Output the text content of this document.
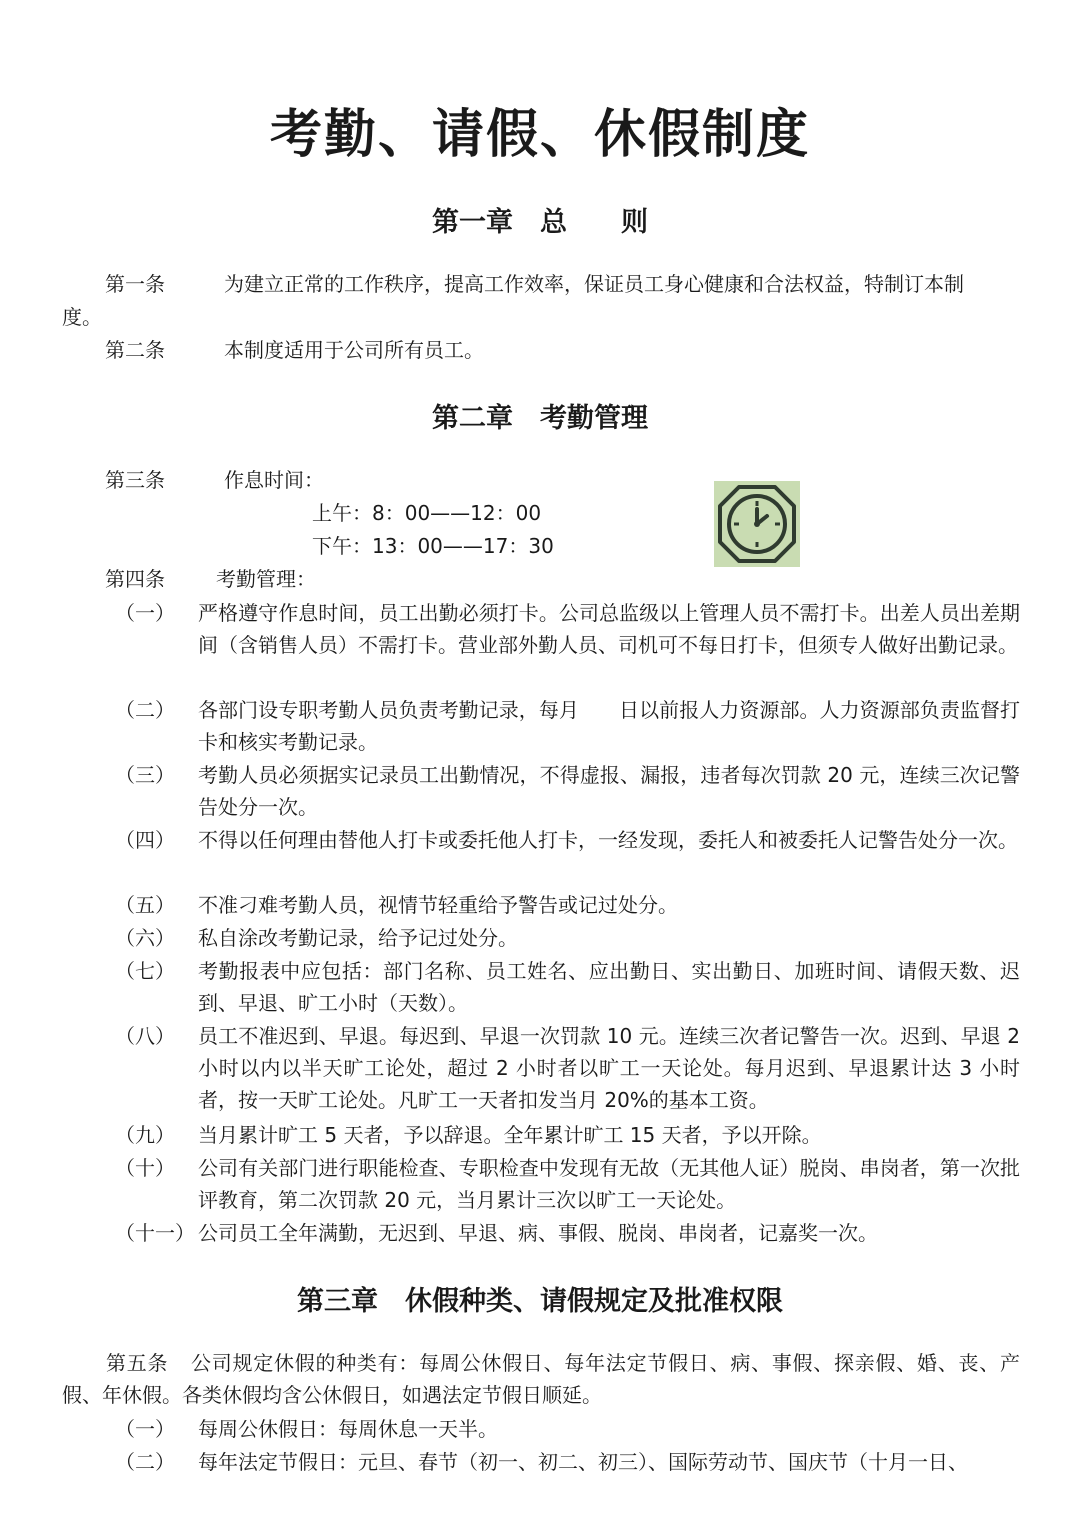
考勤、请假、休假制度
第一章　总　　则
第一条	为建立正常的工作秩序，提高工作效率，保证员工身心健康和合法权益，特制订本制
度。
第二条	本制度适用于公司所有员工。
第二章　考勤管理
第三条	作息时间：
上午：8：00——12：00
下午：13：00——17：30
第四条	考勤管理：
（一） 严格遵守作息时间，员工出勤必须打卡。公司总监级以上管理人员不需打卡。出差人员出差期间（含销售人员）不需打卡。营业部外勤人员、司机可不每日打卡，但须专人做好出勤记录。
（二） 各部门设专职考勤人员负责考勤记录，每月　　日以前报人力资源部。人力资源部负责监督打卡和核实考勤记录。
（三） 考勤人员必须据实记录员工出勤情况，不得虚报、漏报，违者每次罚款 20 元，连续三次记警告处分一次。
（四） 不得以任何理由替他人打卡或委托他人打卡，一经发现，委托人和被委托人记警告处分一次。
（五） 不准刁难考勤人员，视情节轻重给予警告或记过处分。
（六） 私自涂改考勤记录，给予记过处分。
（七） 考勤报表中应包括：部门名称、员工姓名、应出勤日、实出勤日、加班时间、请假天数、迟到、早退、旷工小时（天数）。
（八） 员工不准迟到、早退。每迟到、早退一次罚款 10 元。连续三次者记警告一次。迟到、早退 2 小时以内以半天旷工论处，超过 2 小时者以旷工一天论处。每月迟到、早退累计达 3 小时者，按一天旷工论处。凡旷工一天者扣发当月 20%的基本工资。
（九） 当月累计旷工 5 天者，予以辞退。全年累计旷工 15 天者，予以开除。
（十） 公司有关部门进行职能检查、专职检查中发现有无故（无其他人证）脱岗、串岗者，第一次批评教育，第二次罚款 20 元，当月累计三次以旷工一天论处。
（十一） 公司员工全年满勤，无迟到、早退、病、事假、脱岗、串岗者，记嘉奖一次。
第三章　休假种类、请假规定及批准权限
第五条 公司规定休假的种类有：每周公休假日、每年法定节假日、病、事假、探亲假、婚、丧、产假、年休假。各类休假均含公休假日，如遇法定节假日顺延。
（一） 每周公休假日：每周休息一天半。
（二） 每年法定节假日：元旦、春节（初一、初二、初三）、国际劳动节、国庆节（十月一日、
